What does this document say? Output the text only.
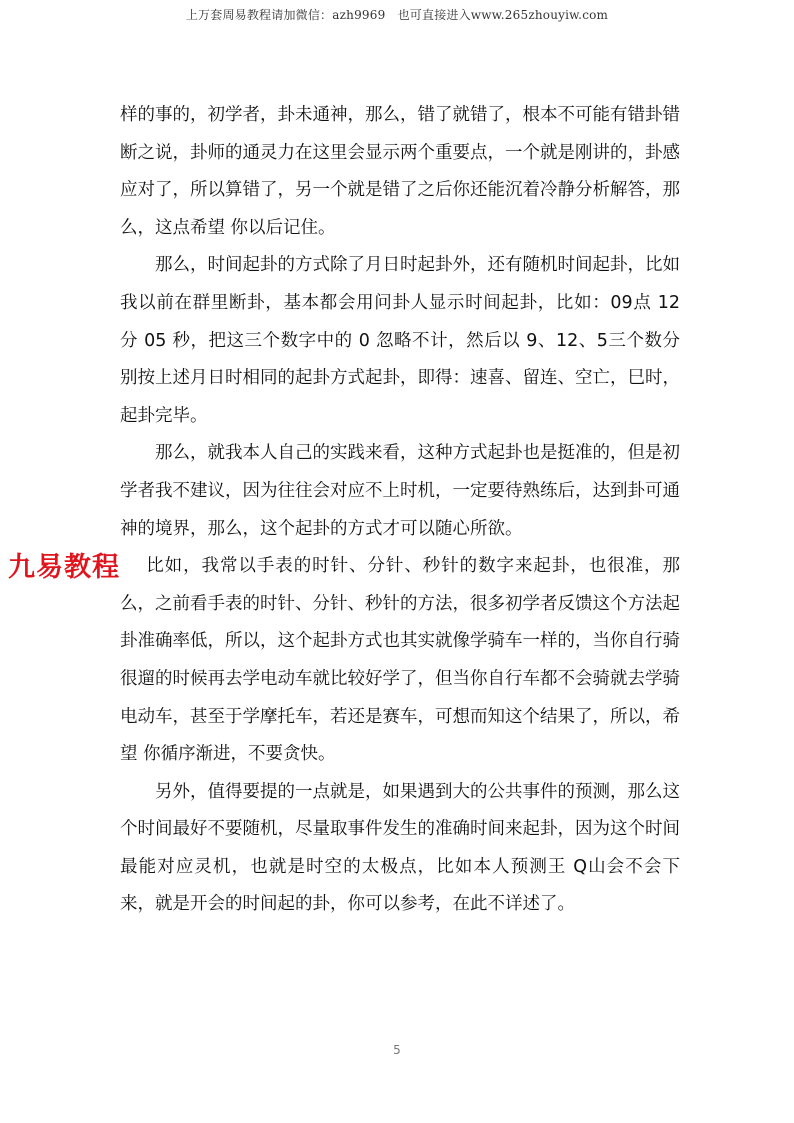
上万套周易教程请加微信：azh9969　也可直接进入www.265zhouyiw.com

样的事的，初学者，卦未通神，那么，错了就错了，根本不可能有错卦错断之说，卦师的通灵力在这里会显示两个重要点，一个就是刚讲的，卦感应对了，所以算错了，另一个就是错了之后你还能沉着冷静分析解答，那么，这点希望 你以后记住。

那么，时间起卦的方式除了月日时起卦外，还有随机时间起卦，比如我以前在群里断卦，基本都会用问卦人显示时间起卦，比如：09点 12 分 05 秒，把这三个数字中的 0 忽略不计，然后以 9、12、5三个数分别按上述月日时相同的起卦方式起卦，即得：速喜、留连、空亡，巳时，起卦完毕。

那么，就我本人自己的实践来看，这种方式起卦也是挺准的，但是初学者我不建议，因为往往会对应不上时机，一定要待熟练后，达到卦可通神的境界，那么，这个起卦的方式才可以随心所欲。

比如，我常以手表的时针、分针、秒针的数字来起卦，也很准，那么，之前看手表的时针、分针、秒针的方法，很多初学者反馈这个方法起卦准确率低，所以，这个起卦方式也其实就像学骑车一样的，当你自行骑很遛的时候再去学电动车就比较好学了，但当你自行车都不会骑就去学骑电动车，甚至于学摩托车，若还是赛车，可想而知这个结果了，所以，希望 你循序渐进，不要贪快。

另外，值得要提的一点就是，如果遇到大的公共事件的预测，那么这个时间最好不要随机，尽量取事件发生的准确时间来起卦，因为这个时间最能对应灵机，也就是时空的太极点，比如本人预测王 Q山会不会下来，就是开会的时间起的卦，你可以参考，在此不详述了。

九易教程
5
